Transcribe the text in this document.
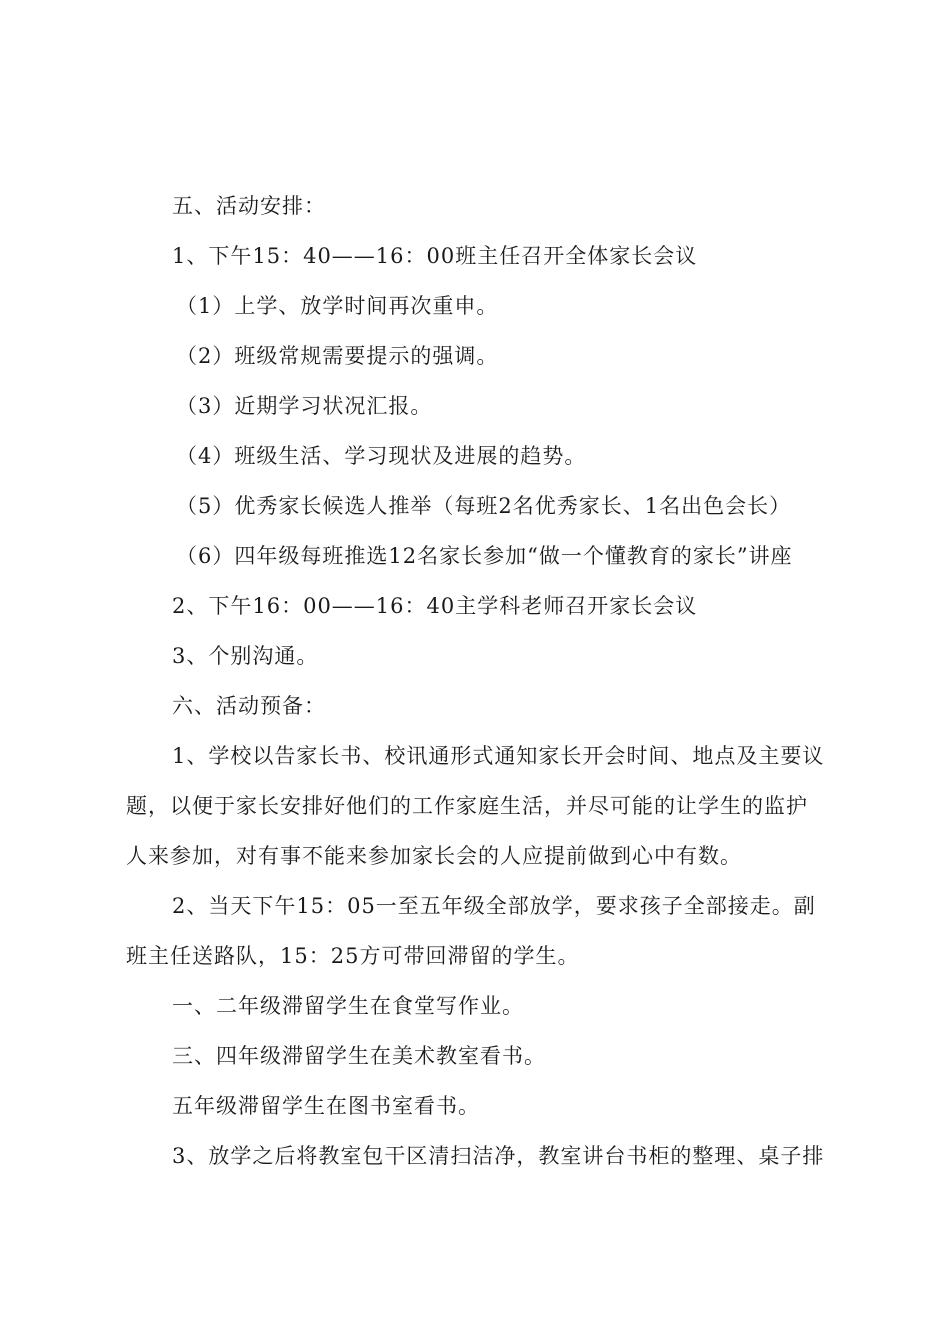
五、活动安排：
1、下午15：40——16：00班主任召开全体家长会议
（1）上学、放学时间再次重申。
（2）班级常规需要提示的强调。
（3）近期学习状况汇报。
（4）班级生活、学习现状及进展的趋势。
（5）优秀家长候选人推举（每班2名优秀家长、1名出色会长）
（6）四年级每班推选12名家长参加“做一个懂教育的家长”讲座
2、下午16：00——16：40主学科老师召开家长会议
3、个别沟通。
六、活动预备：
1、学校以告家长书、校讯通形式通知家长开会时间、地点及主要议
题，以便于家长安排好他们的工作家庭生活，并尽可能的让学生的监护
人来参加，对有事不能来参加家长会的人应提前做到心中有数。
2、当天下午15：05一至五年级全部放学，要求孩子全部接走。副
班主任送路队，15：25方可带回滞留的学生。
一、二年级滞留学生在食堂写作业。
三、四年级滞留学生在美术教室看书。
五年级滞留学生在图书室看书。
3、放学之后将教室包干区清扫洁净，教室讲台书柜的整理、桌子排
